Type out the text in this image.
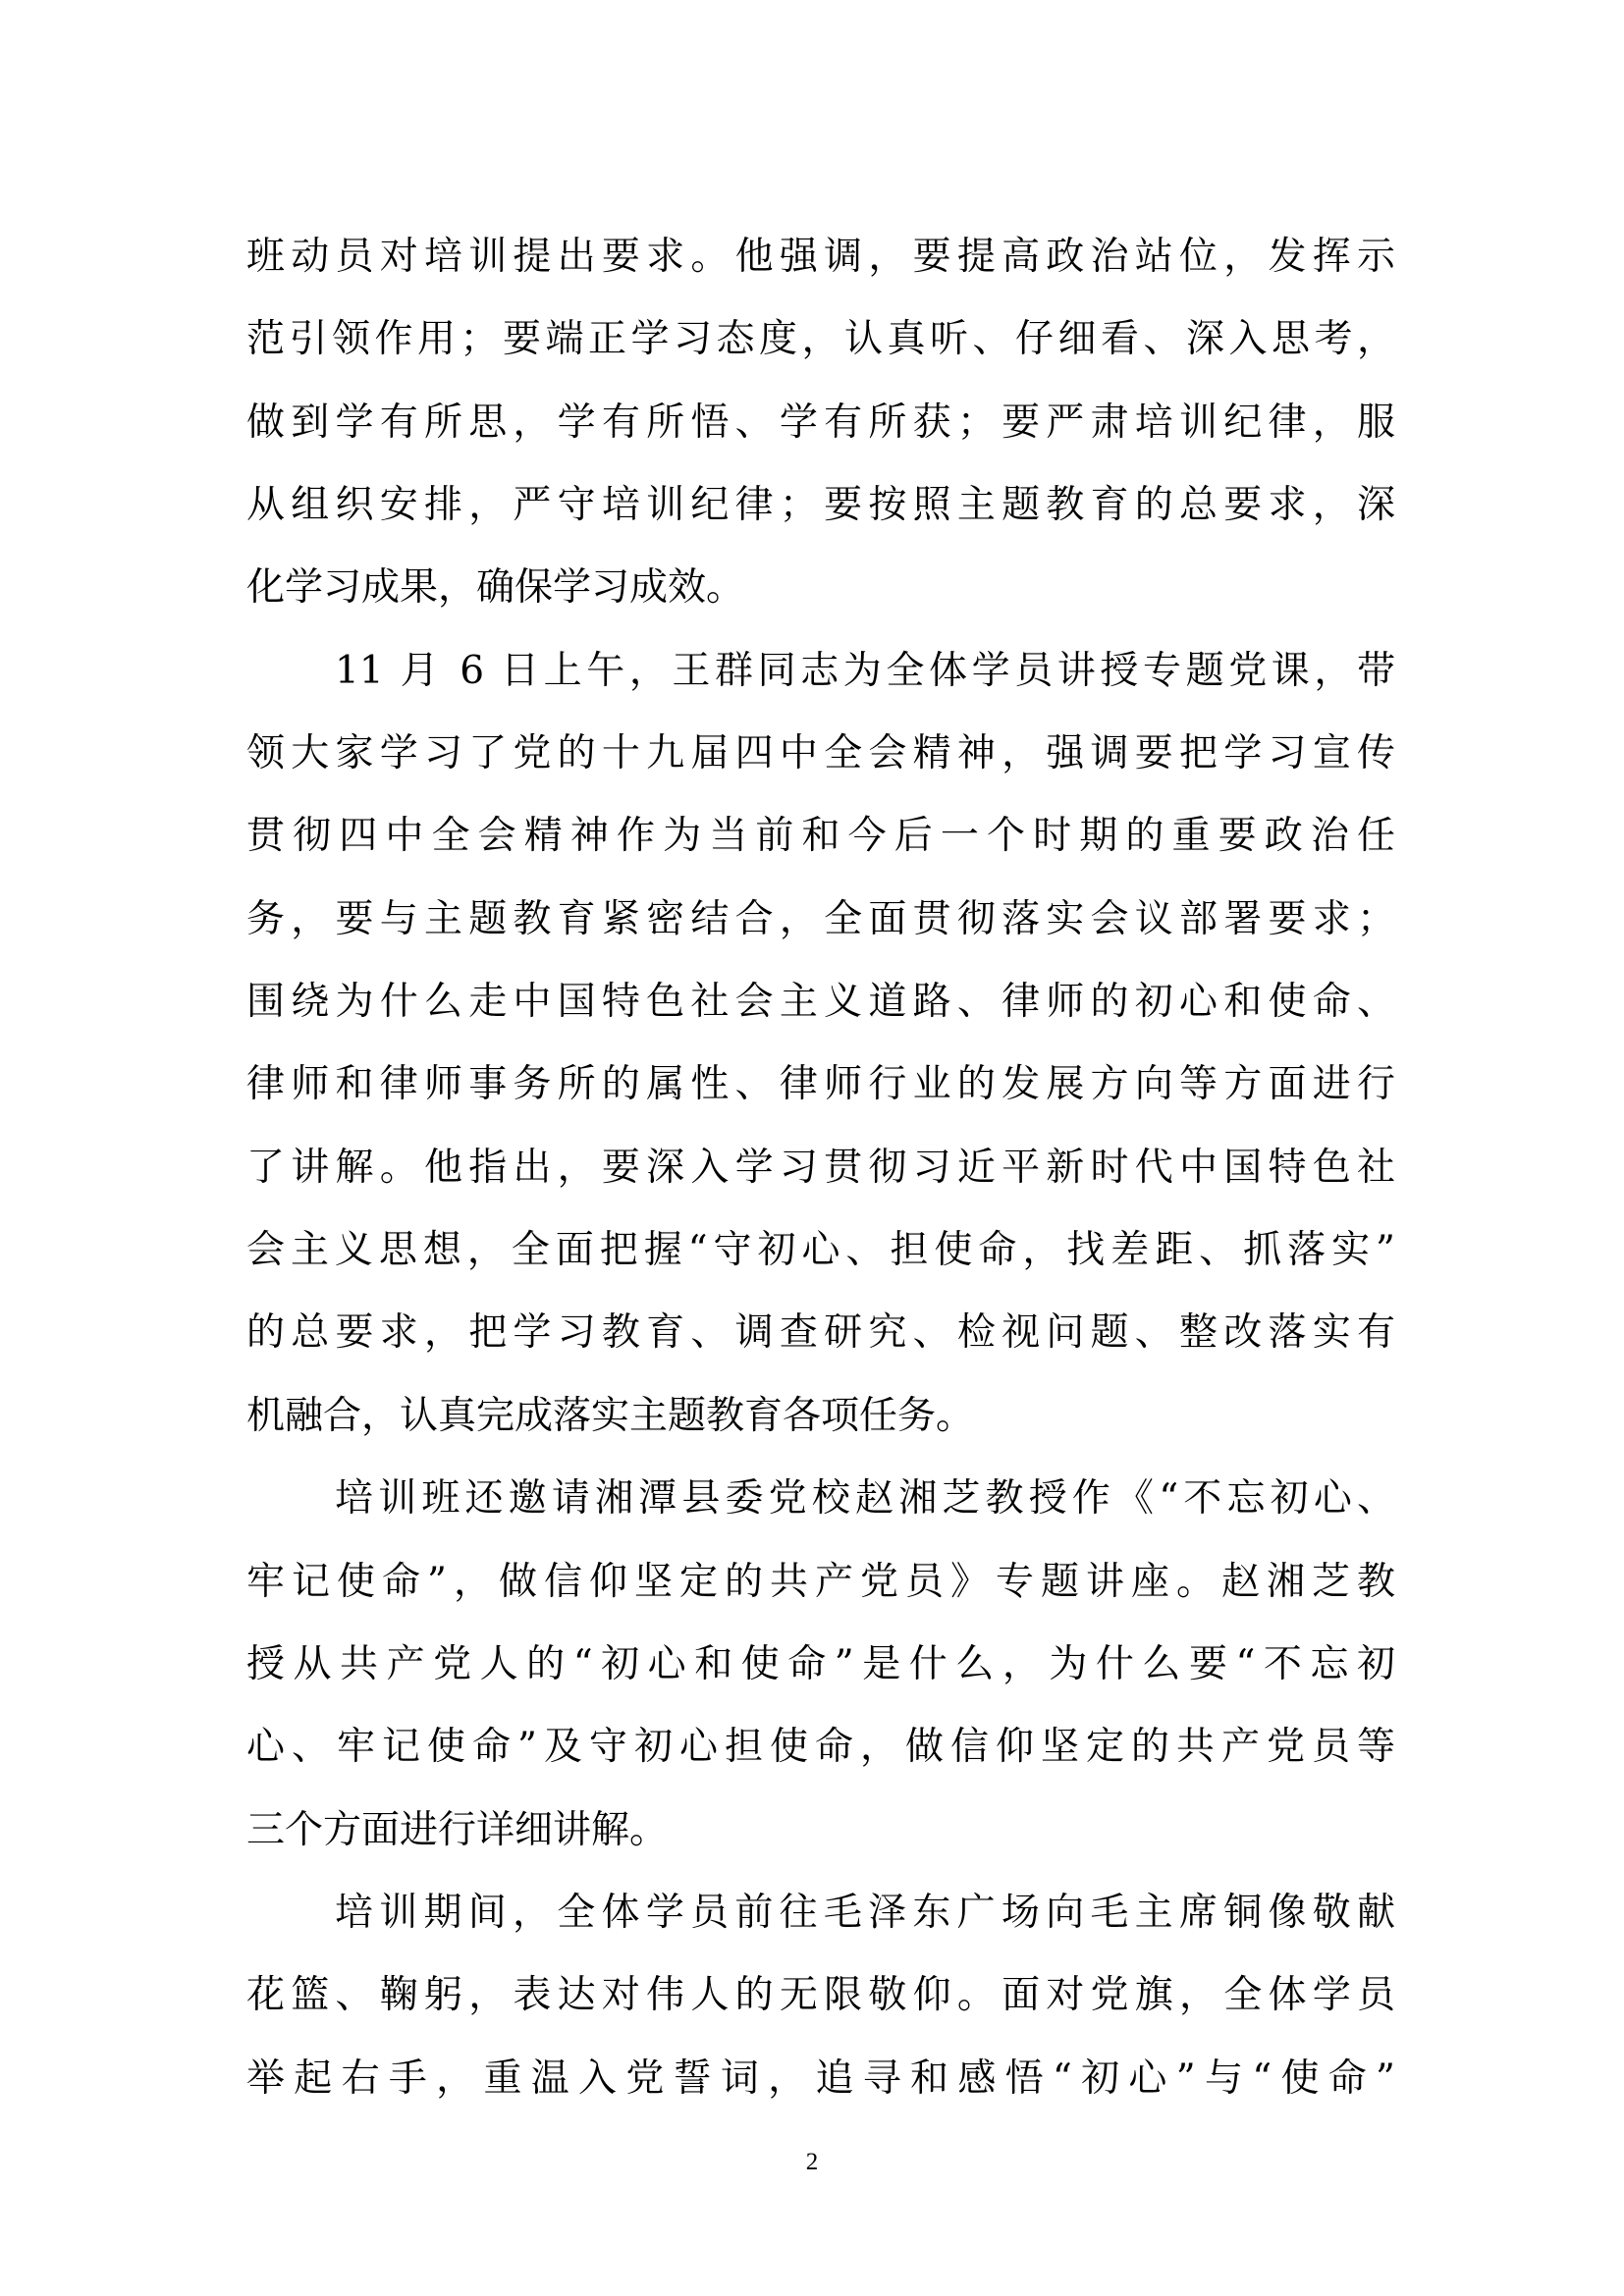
班动员对培训提出要求。他强调，要提高政治站位，发挥示
范引领作用；要端正学习态度，认真听、仔细看、深入思考，
做到学有所思，学有所悟、学有所获；要严肃培训纪律，服
从组织安排，严守培训纪律；要按照主题教育的总要求，深
化学习成果，确保学习成效。
11 月 6 日上午，王群同志为全体学员讲授专题党课，带
领大家学习了党的十九届四中全会精神，强调要把学习宣传
贯彻四中全会精神作为当前和今后一个时期的重要政治任
务，要与主题教育紧密结合，全面贯彻落实会议部署要求；
围绕为什么走中国特色社会主义道路、律师的初心和使命、
律师和律师事务所的属性、律师行业的发展方向等方面进行
了讲解。他指出，要深入学习贯彻习近平新时代中国特色社
会主义思想，全面把握“守初心、担使命，找差距、抓落实”
的总要求，把学习教育、调查研究、检视问题、整改落实有
机融合，认真完成落实主题教育各项任务。
培训班还邀请湘潭县委党校赵湘芝教授作《“不忘初心、
牢记使命”，做信仰坚定的共产党员》专题讲座。赵湘芝教
授从共产党人的“初心和使命”是什么，为什么要“不忘初
心、牢记使命”及守初心担使命，做信仰坚定的共产党员等
三个方面进行详细讲解。
培训期间，全体学员前往毛泽东广场向毛主席铜像敬献
花篮、鞠躬，表达对伟人的无限敬仰。面对党旗，全体学员
举起右手，重温入党誓词，追寻和感悟“初心”与“使命”
2
